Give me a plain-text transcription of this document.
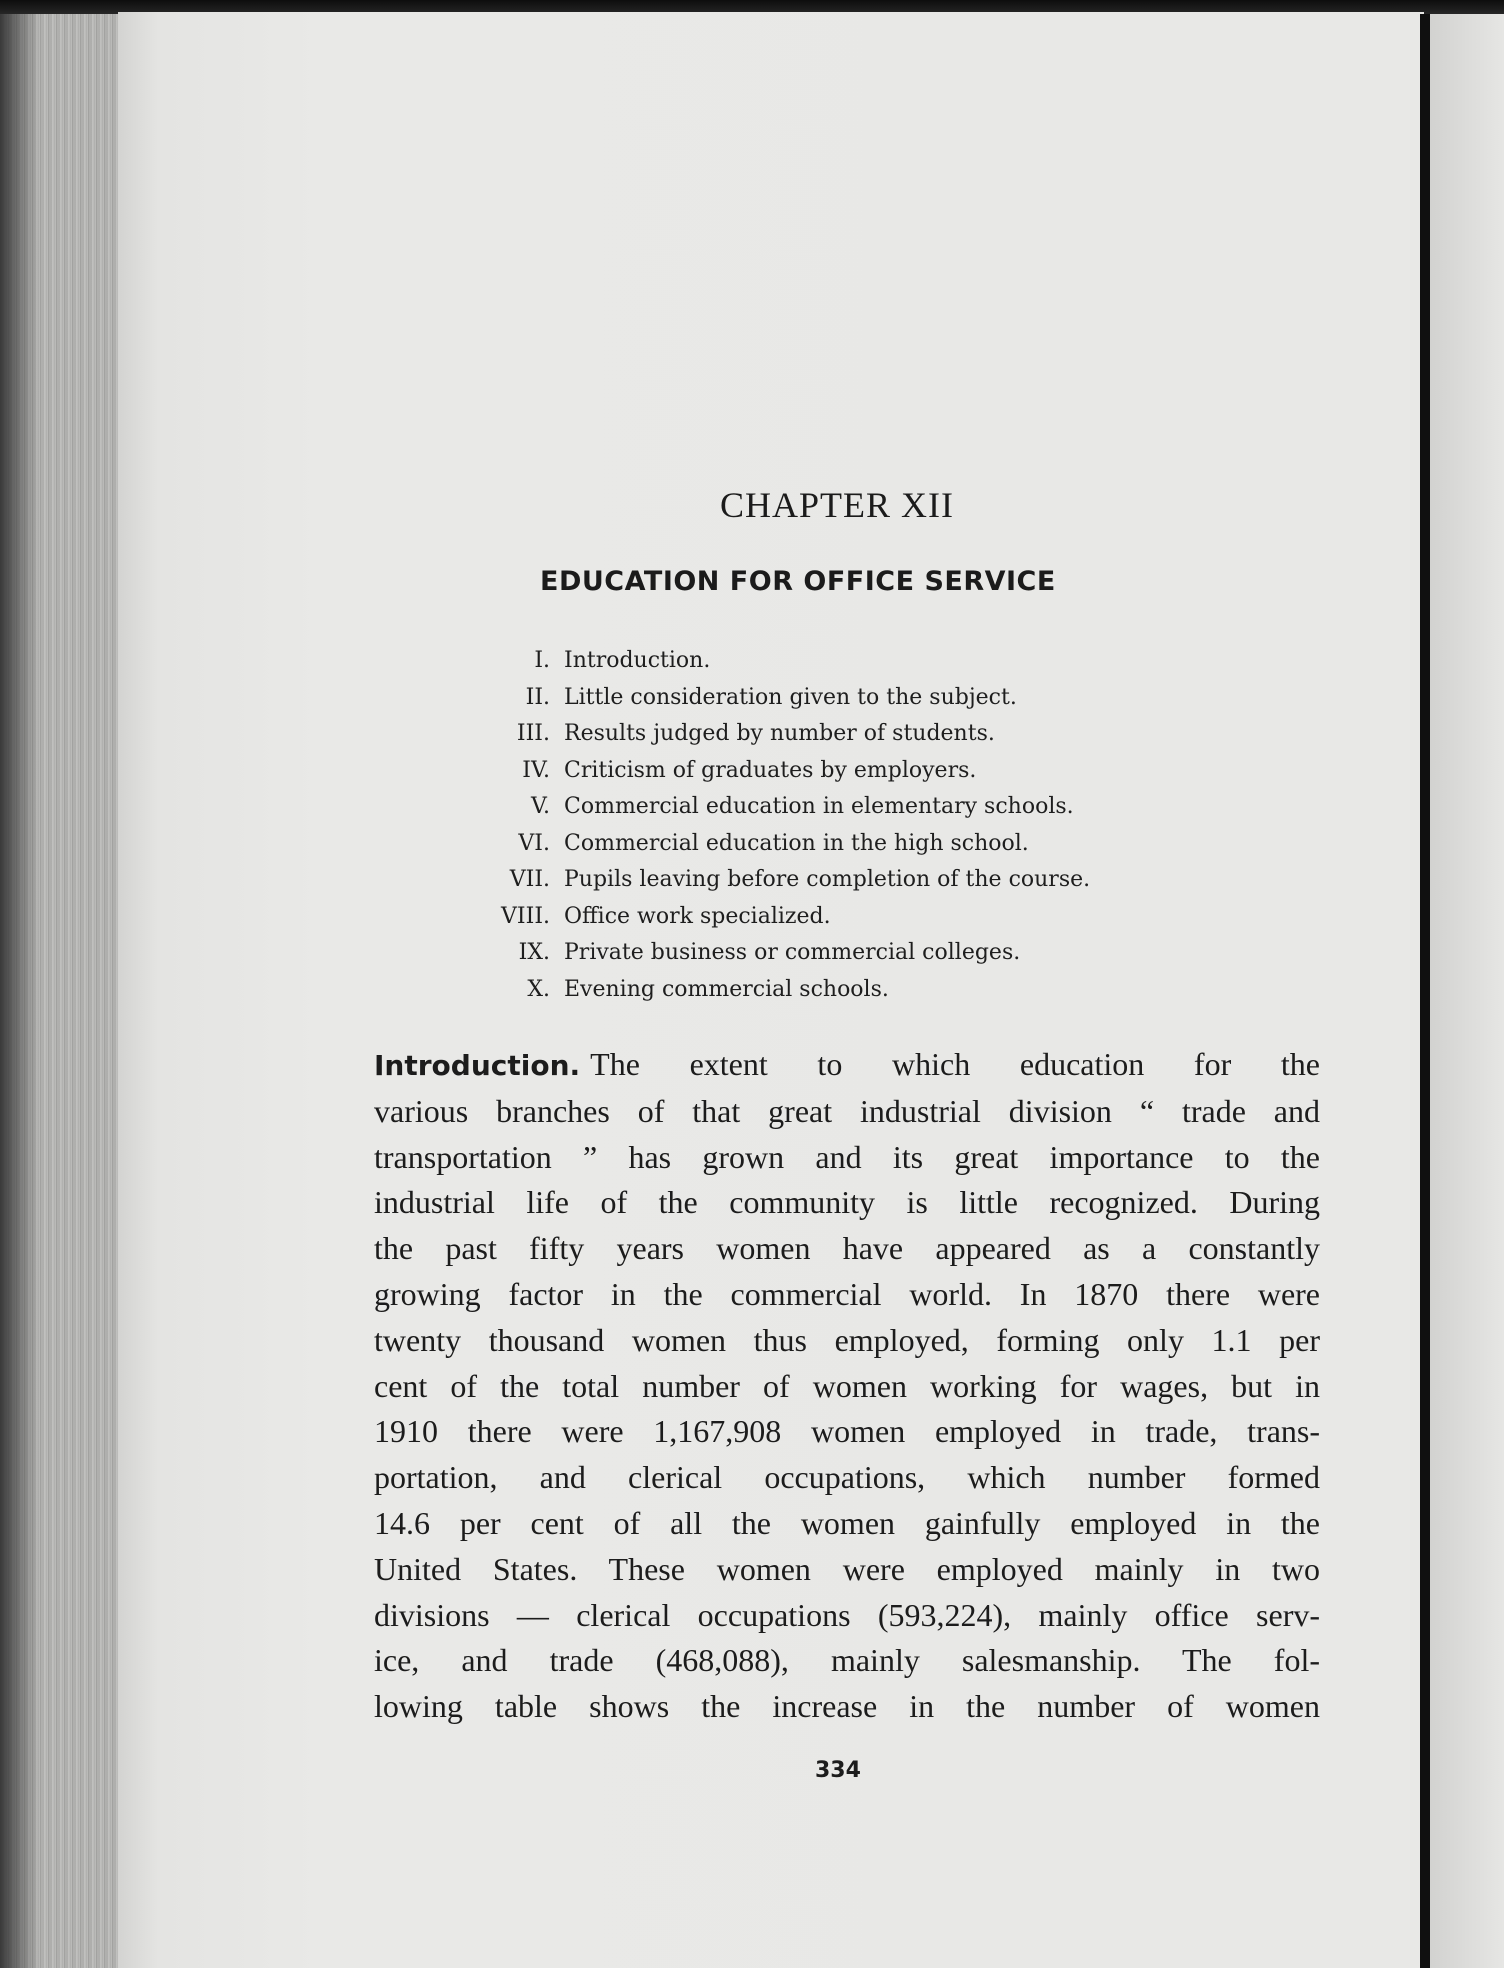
CHAPTER XII
EDUCATION FOR OFFICE SERVICE
I. Introduction.
II. Little consideration given to the subject.
III. Results judged by number of students.
IV. Criticism of graduates by employers.
V. Commercial education in elementary schools.
VI. Commercial education in the high school.
VII. Pupils leaving before completion of the course.
VIII. Office work specialized.
IX. Private business or commercial colleges.
X. Evening commercial schools.
Introduction. The extent to which education for the
various branches of that great industrial division “ trade and
transportation ” has grown and its great importance to the
industrial life of the community is little recognized. During
the past fifty years women have appeared as a constantly
growing factor in the commercial world. In 1870 there were
twenty thousand women thus employed, forming only 1.1 per
cent of the total number of women working for wages, but in
1910 there were 1,167,908 women employed in trade, trans-
portation, and clerical occupations, which number formed
14.6 per cent of all the women gainfully employed in the
United States. These women were employed mainly in two
divisions — clerical occupations (593,224), mainly office serv-
ice, and trade (468,088), mainly salesmanship. The fol-
lowing table shows the increase in the number of women
334
